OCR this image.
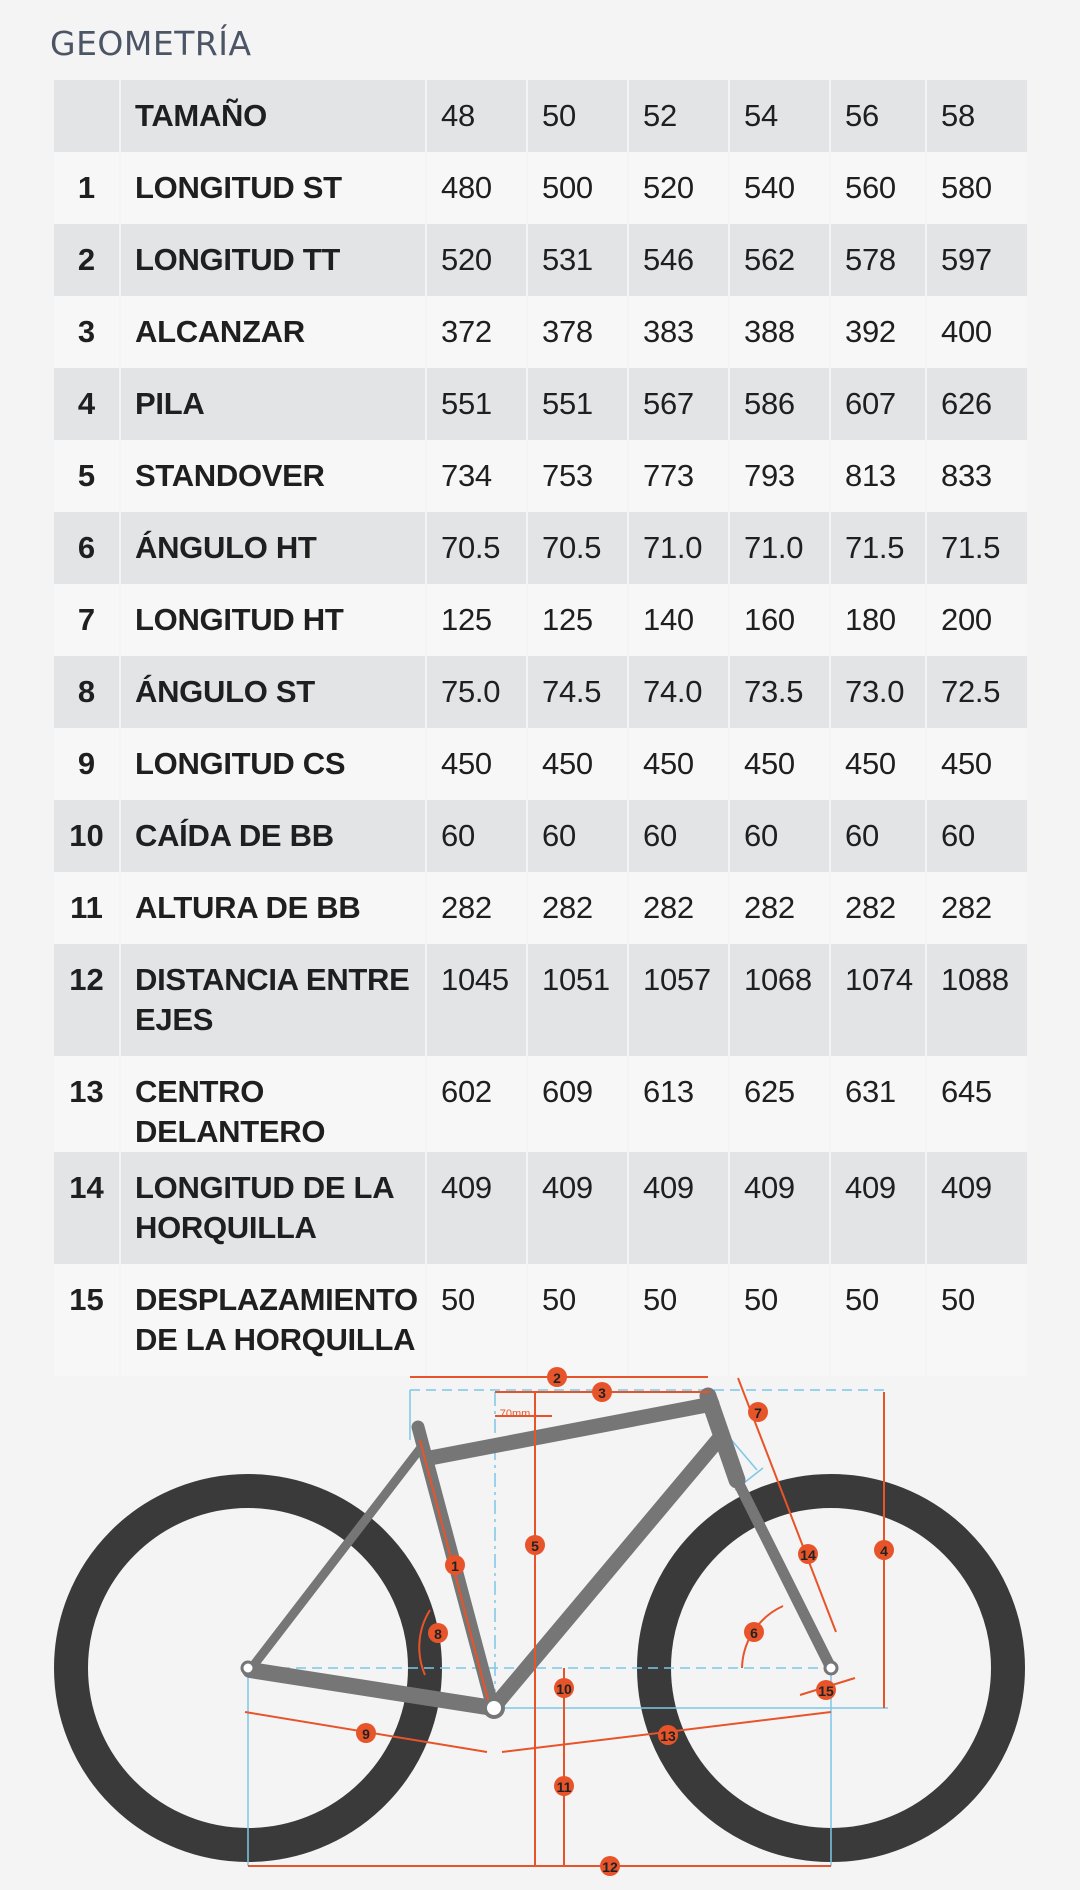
GEOMETRÍA
	TAMAÑO	48	50	52	54	56	58
1	LONGITUD ST	480	500	520	540	560	580
2	LONGITUD TT	520	531	546	562	578	597
3	ALCANZAR	372	378	383	388	392	400
4	PILA	551	551	567	586	607	626
5	STANDOVER	734	753	773	793	813	833
6	ÁNGULO HT	70.5	70.5	71.0	71.0	71.5	71.5
7	LONGITUD HT	125	125	140	160	180	200
8	ÁNGULO ST	75.0	74.5	74.0	73.5	73.0	72.5
9	LONGITUD CS	450	450	450	450	450	450
10	CAÍDA DE BB	60	60	60	60	60	60
11	ALTURA DE BB	282	282	282	282	282	282
12	DISTANCIA ENTRE EJES	1045	1051	1057	1068	1074	1088
13	CENTRO DELANTERO	602	609	613	625	631	645
14	LONGITUD DE LA HORQUILLA	409	409	409	409	409	409
15	DESPLAZAMIENTO DE LA HORQUILLA	50	50	50	50	50	50
1
2
3
4
5
6
7
8
9
10
11
12
13
14
15
70mm
